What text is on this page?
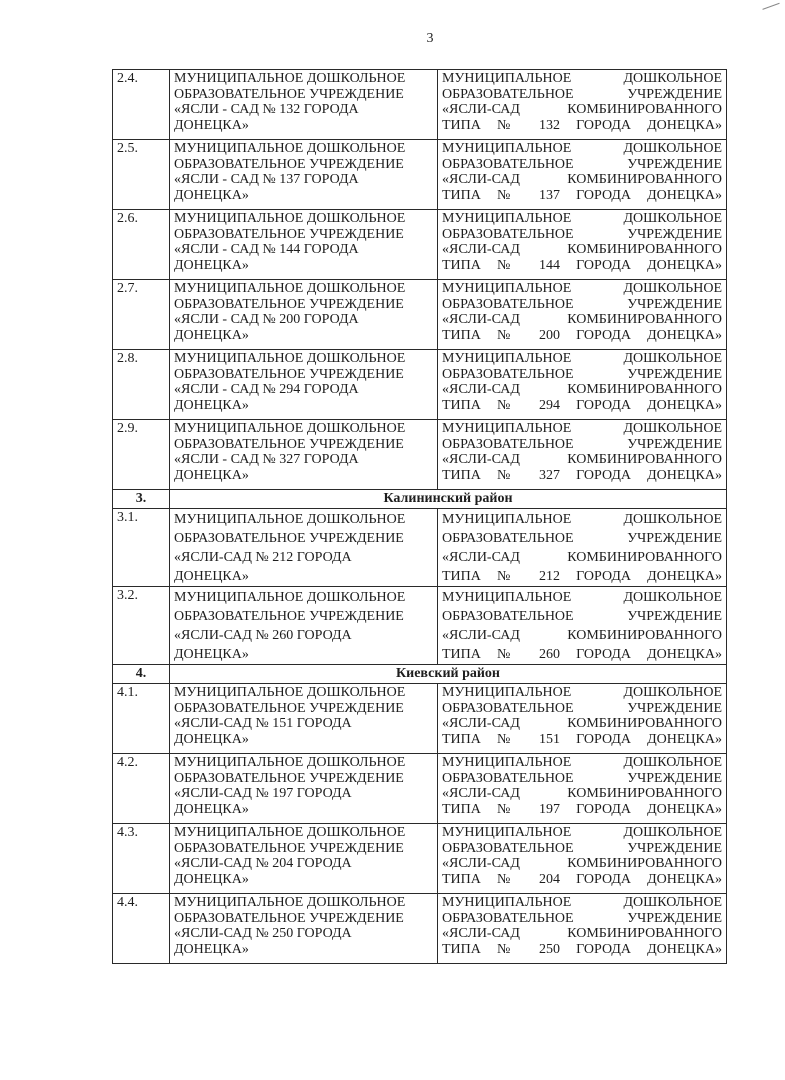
3
2.4.	МУНИЦИПАЛЬНОЕ ДОШКОЛЬНОЕ
ОБРАЗОВАТЕЛЬНОЕ УЧРЕЖДЕНИЕ
«ЯСЛИ - САД № 132 ГОРОДА
ДОНЕЦКА»	МУНИЦИПАЛЬНОЕ ДОШКОЛЬНОЕ
ОБРАЗОВАТЕЛЬНОЕ УЧРЕЖДЕНИЕ
«ЯСЛИ-САД КОМБИНИРОВАННОГО
ТИПА № 132 ГОРОДА ДОНЕЦКА»

2.5.	МУНИЦИПАЛЬНОЕ ДОШКОЛЬНОЕ
ОБРАЗОВАТЕЛЬНОЕ УЧРЕЖДЕНИЕ
«ЯСЛИ - САД № 137 ГОРОДА
ДОНЕЦКА»	МУНИЦИПАЛЬНОЕ ДОШКОЛЬНОЕ
ОБРАЗОВАТЕЛЬНОЕ УЧРЕЖДЕНИЕ
«ЯСЛИ-САД КОМБИНИРОВАННОГО
ТИПА № 137 ГОРОДА ДОНЕЦКА»

2.6.	МУНИЦИПАЛЬНОЕ ДОШКОЛЬНОЕ
ОБРАЗОВАТЕЛЬНОЕ УЧРЕЖДЕНИЕ
«ЯСЛИ - САД № 144 ГОРОДА
ДОНЕЦКА»	МУНИЦИПАЛЬНОЕ ДОШКОЛЬНОЕ
ОБРАЗОВАТЕЛЬНОЕ УЧРЕЖДЕНИЕ
«ЯСЛИ-САД КОМБИНИРОВАННОГО
ТИПА № 144 ГОРОДА ДОНЕЦКА»

2.7.	МУНИЦИПАЛЬНОЕ ДОШКОЛЬНОЕ
ОБРАЗОВАТЕЛЬНОЕ УЧРЕЖДЕНИЕ
«ЯСЛИ - САД № 200 ГОРОДА
ДОНЕЦКА»	МУНИЦИПАЛЬНОЕ ДОШКОЛЬНОЕ
ОБРАЗОВАТЕЛЬНОЕ УЧРЕЖДЕНИЕ
«ЯСЛИ-САД КОМБИНИРОВАННОГО
ТИПА № 200 ГОРОДА ДОНЕЦКА»

2.8.	МУНИЦИПАЛЬНОЕ ДОШКОЛЬНОЕ
ОБРАЗОВАТЕЛЬНОЕ УЧРЕЖДЕНИЕ
«ЯСЛИ - САД № 294 ГОРОДА
ДОНЕЦКА»	МУНИЦИПАЛЬНОЕ ДОШКОЛЬНОЕ
ОБРАЗОВАТЕЛЬНОЕ УЧРЕЖДЕНИЕ
«ЯСЛИ-САД КОМБИНИРОВАННОГО
ТИПА № 294 ГОРОДА ДОНЕЦКА»

2.9.	МУНИЦИПАЛЬНОЕ ДОШКОЛЬНОЕ
ОБРАЗОВАТЕЛЬНОЕ УЧРЕЖДЕНИЕ
«ЯСЛИ - САД № 327 ГОРОДА
ДОНЕЦКА»	МУНИЦИПАЛЬНОЕ ДОШКОЛЬНОЕ
ОБРАЗОВАТЕЛЬНОЕ УЧРЕЖДЕНИЕ
«ЯСЛИ-САД КОМБИНИРОВАННОГО
ТИПА № 327 ГОРОДА ДОНЕЦКА»

3.	Калининский район	
3.1.	МУНИЦИПАЛЬНОЕ ДОШКОЛЬНОЕ
ОБРАЗОВАТЕЛЬНОЕ УЧРЕЖДЕНИЕ
«ЯСЛИ-САД № 212 ГОРОДА
ДОНЕЦКА»	МУНИЦИПАЛЬНОЕ ДОШКОЛЬНОЕ
ОБРАЗОВАТЕЛЬНОЕ УЧРЕЖДЕНИЕ
«ЯСЛИ-САД КОМБИНИРОВАННОГО
ТИПА № 212 ГОРОДА ДОНЕЦКА»

3.2.	МУНИЦИПАЛЬНОЕ ДОШКОЛЬНОЕ
ОБРАЗОВАТЕЛЬНОЕ УЧРЕЖДЕНИЕ
«ЯСЛИ-САД № 260 ГОРОДА
ДОНЕЦКА»	МУНИЦИПАЛЬНОЕ ДОШКОЛЬНОЕ
ОБРАЗОВАТЕЛЬНОЕ УЧРЕЖДЕНИЕ
«ЯСЛИ-САД КОМБИНИРОВАННОГО
ТИПА № 260 ГОРОДА ДОНЕЦКА»

4.	Киевский район	
4.1.	МУНИЦИПАЛЬНОЕ ДОШКОЛЬНОЕ
ОБРАЗОВАТЕЛЬНОЕ УЧРЕЖДЕНИЕ
«ЯСЛИ-САД № 151 ГОРОДА
ДОНЕЦКА»	МУНИЦИПАЛЬНОЕ ДОШКОЛЬНОЕ
ОБРАЗОВАТЕЛЬНОЕ УЧРЕЖДЕНИЕ
«ЯСЛИ-САД КОМБИНИРОВАННОГО
ТИПА № 151 ГОРОДА ДОНЕЦКА»

4.2.	МУНИЦИПАЛЬНОЕ ДОШКОЛЬНОЕ
ОБРАЗОВАТЕЛЬНОЕ УЧРЕЖДЕНИЕ
«ЯСЛИ-САД № 197 ГОРОДА
ДОНЕЦКА»	МУНИЦИПАЛЬНОЕ ДОШКОЛЬНОЕ
ОБРАЗОВАТЕЛЬНОЕ УЧРЕЖДЕНИЕ
«ЯСЛИ-САД КОМБИНИРОВАННОГО
ТИПА № 197 ГОРОДА ДОНЕЦКА»

4.3.	МУНИЦИПАЛЬНОЕ ДОШКОЛЬНОЕ
ОБРАЗОВАТЕЛЬНОЕ УЧРЕЖДЕНИЕ
«ЯСЛИ-САД № 204 ГОРОДА
ДОНЕЦКА»	МУНИЦИПАЛЬНОЕ ДОШКОЛЬНОЕ
ОБРАЗОВАТЕЛЬНОЕ УЧРЕЖДЕНИЕ
«ЯСЛИ-САД КОМБИНИРОВАННОГО
ТИПА № 204 ГОРОДА ДОНЕЦКА»

4.4.	МУНИЦИПАЛЬНОЕ ДОШКОЛЬНОЕ
ОБРАЗОВАТЕЛЬНОЕ УЧРЕЖДЕНИЕ
«ЯСЛИ-САД № 250 ГОРОДА
ДОНЕЦКА»	МУНИЦИПАЛЬНОЕ ДОШКОЛЬНОЕ
ОБРАЗОВАТЕЛЬНОЕ УЧРЕЖДЕНИЕ
«ЯСЛИ-САД КОМБИНИРОВАННОГО
ТИПА № 250 ГОРОДА ДОНЕЦКА»
